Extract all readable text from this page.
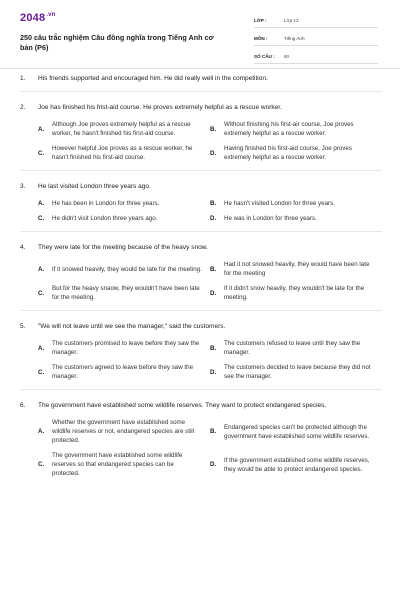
$2048^{.vn}$
250 câu trắc nghiệm Câu đồng nghĩa trong Tiếng Anh cơ bản (P6)
LỚP :	Lớp 12
MÔN :	Tiếng Anh
SỐ CÂU :	50
1.	His friends supported and encouraged him. He did really well in the competition.
2.	Joe has finished his frist-aid course. He proves extremely helpful as a rescue worker.
A.
Although Joe proves extremely helpful as a rescue worker, he hasn't finished his first-aid course.
B.
Without finishing his first-air course, Joe proves extremely helpful as a rescue worker.
C.
However helpful Joe proves as a rescue worker, he hasn't finished his first-aid course.
D.
Having finished his first-aid course, Joe proves extremely helpful as a rescue worker.
3.	He last visited London three years ago.
A.	He has been in London for three years.	B.	He hasn't visited London for three years.
C.	He didn't visit London three years ago.	D.	He was in London for three years.
4.	They were late for the meeting because of the heavy snow.
A.	If it snowed heavily, they would be late for the meeting. B.
Had it not snowed heavily, they would have been late for the meeting
C.
But for the heavy snaow, they wouldn't have been late for the meeting.
D.
If it didn't snow heavily, they wouldn't be late for the meeting.
5.	"We will not leave until we see the manager," said the customers.
A.
The customers promised to leave before they saw the manager.
B.
The customers refused to leave until they saw the manager.
C.
The customers agreed to leave before they saw the manager.
D.
The customers decided to leave because they did not see the manager.
6.	The government have established some wildlife reserves. They want to protect endangered species.
A.
Whether the government have established some wildlife reserves or not, endangered species are still protected.
B.
Endangered species can't be protected although the government have established some wildlife reserves.
C.
The government have established some wildlife reserves so that endangered species can be protected.
D.
If the government established some wildlife reserves, they would be able to protect endangered species.
